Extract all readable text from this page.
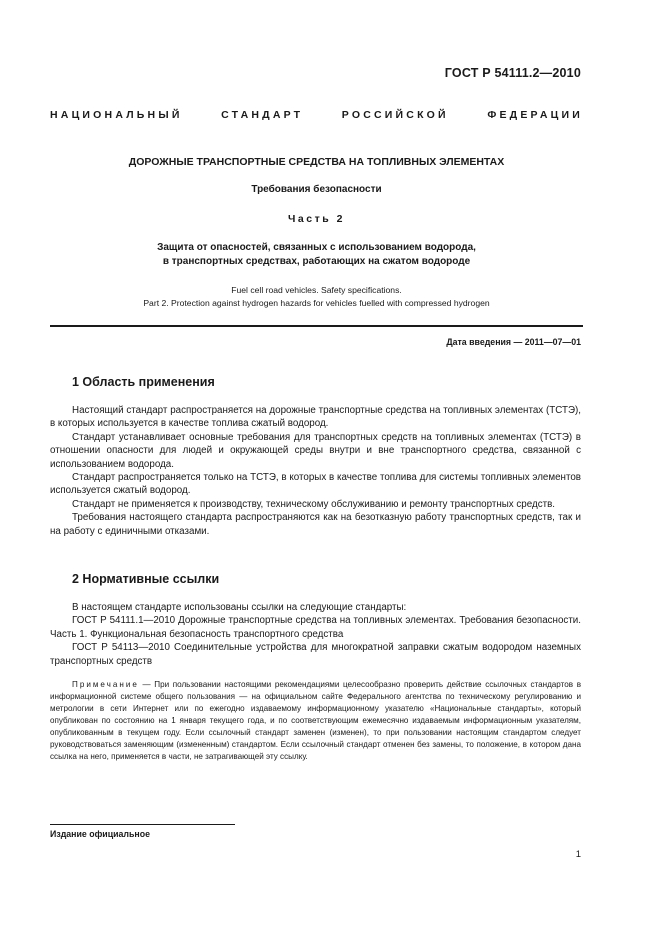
ГОСТ Р 54111.2—2010
НАЦИОНАЛЬНЫЙ	СТАНДАРТ	РОССИЙСКОЙ	ФЕДЕРАЦИИ
ДОРОЖНЫЕ ТРАНСПОРТНЫЕ СРЕДСТВА НА ТОПЛИВНЫХ ЭЛЕМЕНТАХ
Требования безопасности
Часть 2
Защита от опасностей, связанных с использованием водорода,
в транспортных средствах, работающих на сжатом водороде
Fuel cell road vehicles. Safety specifications.
Part 2. Protection against hydrogen hazards for vehicles fuelled with compressed hydrogen
Дата введения — 2011—07—01
1 Область применения

Настоящий стандарт распространяется на дорожные транспортные средства на топливных элементах (ТСТЭ), в которых используется в качестве топлива сжатый водород.

Стандарт устанавливает основные требования для транспортных средств на топливных элементах (ТСТЭ) в отношении опасности для людей и окружающей среды внутри и вне транспортного средства, связанной с использованием водорода.

Стандарт распространяется только на ТСТЭ, в которых в качестве топлива для системы топливных элементов используется сжатый водород.

Стандарт не применяется к производству, техническому обслуживанию и ремонту транспортных средств.

Требования настоящего стандарта распространяются как на безотказную работу транспортных средств, так и на работу с единичными отказами.

2 Нормативные ссылки

В настоящем стандарте использованы ссылки на следующие стандарты:

ГОСТ Р 54111.1—2010 Дорожные транспортные средства на топливных элементах. Требования безопасности. Часть 1. Функциональная безопасность транспортного средства

ГОСТ Р 54113—2010 Соединительные устройства для многократной заправки сжатым водородом наземных транспортных средств

Примечание — При пользовании настоящими рекомендациями целесообразно проверить действие ссылочных стандартов в информационной системе общего пользования — на официальном сайте Федерального агентства по техническому регулированию и метрологии в сети Интернет или по ежегодно издаваемому информационному указателю «Национальные стандарты», который опубликован по состоянию на 1 января текущего года, и по соответствующим ежемесячно издаваемым информационным указателям, опубликованным в текущем году. Если ссылочный стандарт заменен (изменен), то при пользовании настоящим стандартом следует руководствоваться заменяющим (измененным) стандартом. Если ссылочный стандарт отменен без замены, то положение, в котором дана ссылка на него, применяется в части, не затрагивающей эту ссылку.

Издание официальное
1
